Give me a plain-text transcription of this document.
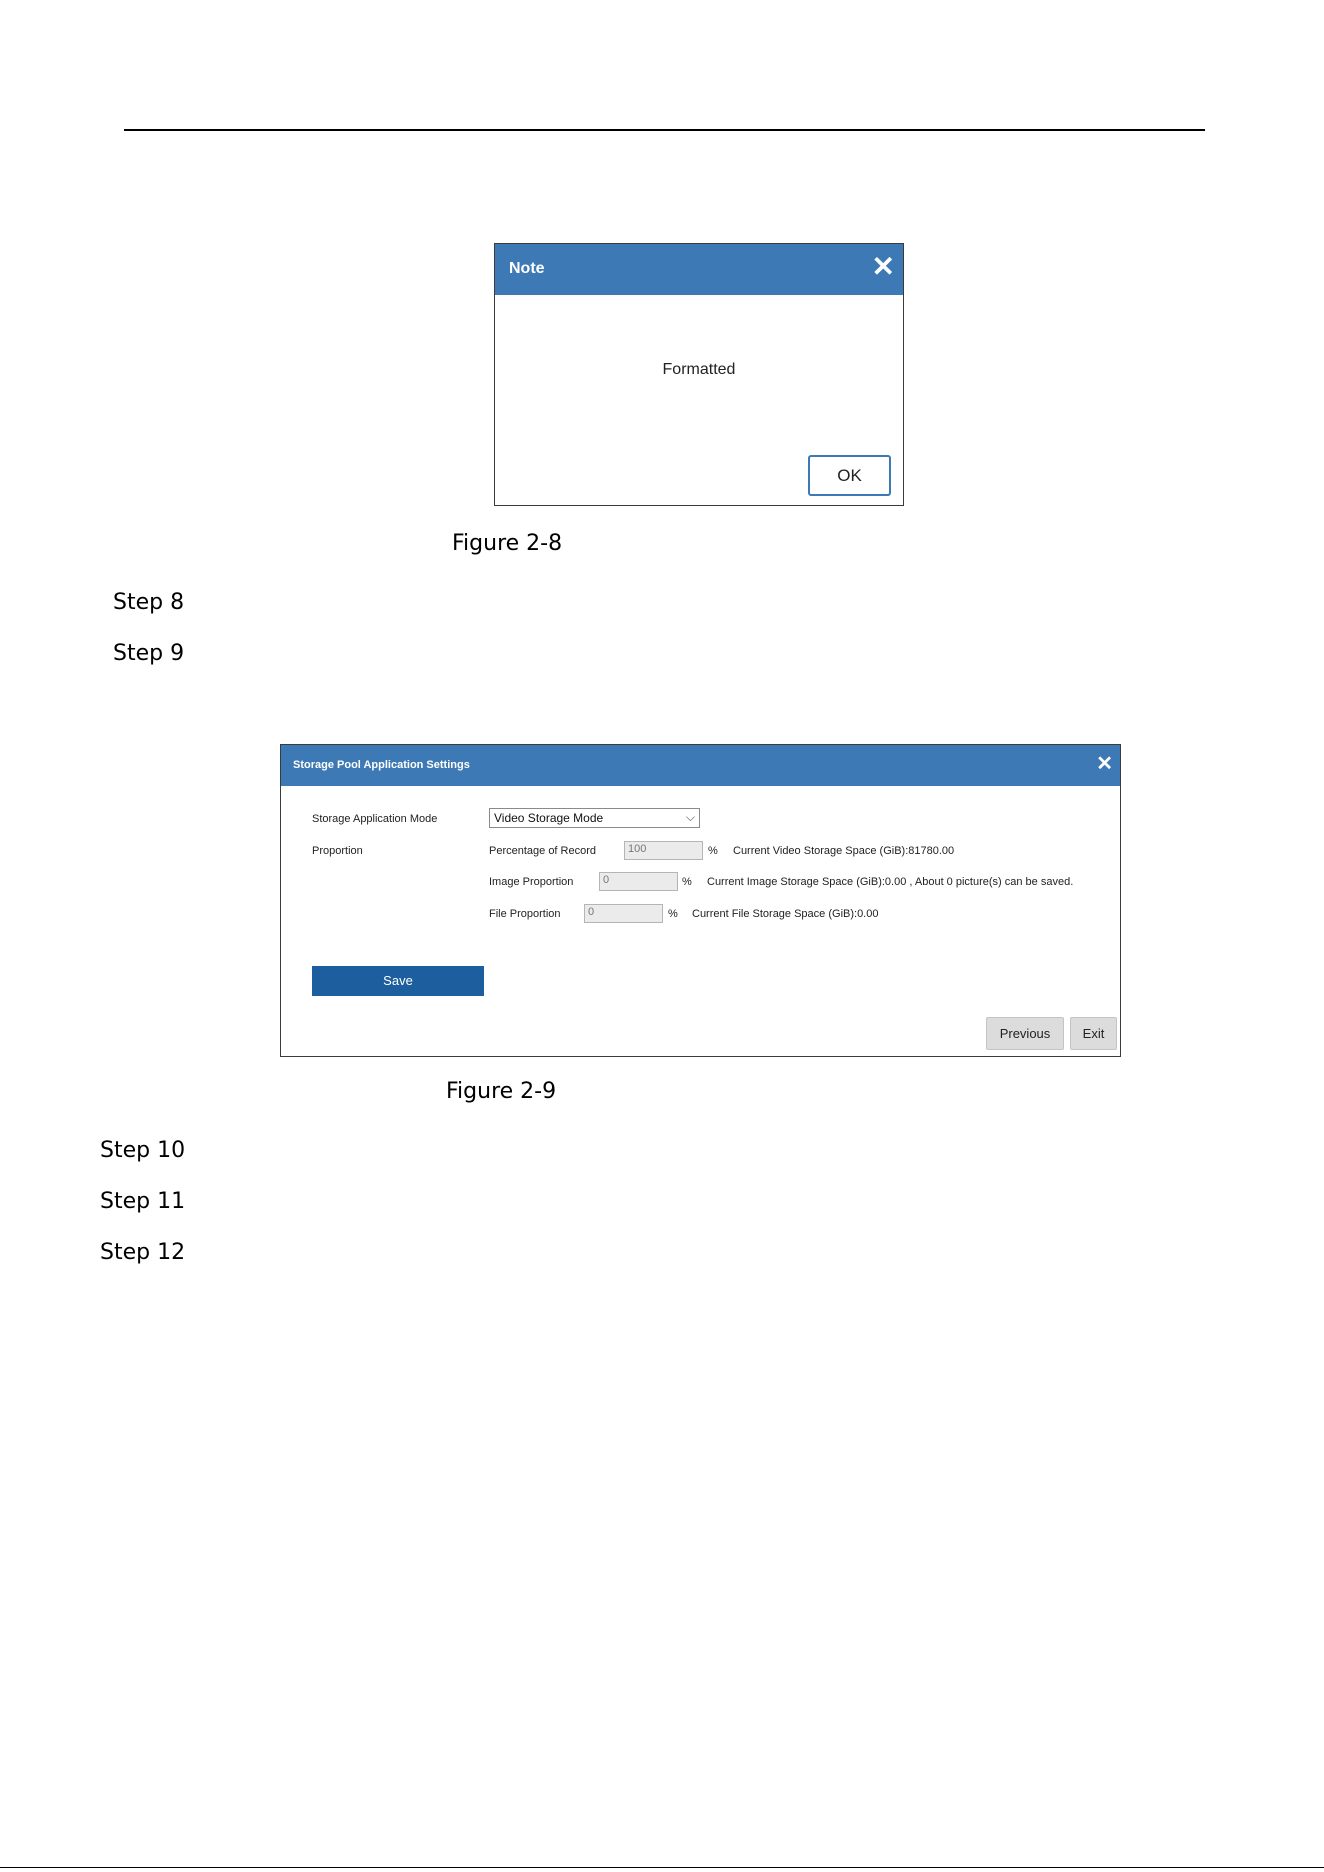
Note	✕
Formatted
OK
Figure 2-8
Step 8
Step 9
Storage Pool Application Settings	✕
Storage Application Mode	Video Storage Mode	⌵
Proportion	Percentage of Record	100	% Current Video Storage Space (GiB):81780.00
Image Proportion	0	% Current Image Storage Space (GiB):0.00 , About 0 picture(s) can be saved.
File Proportion	0	% Current File Storage Space (GiB):0.00
Save
Previous	Exit
Figure 2-9
Step 10
Step 11
Step 12
